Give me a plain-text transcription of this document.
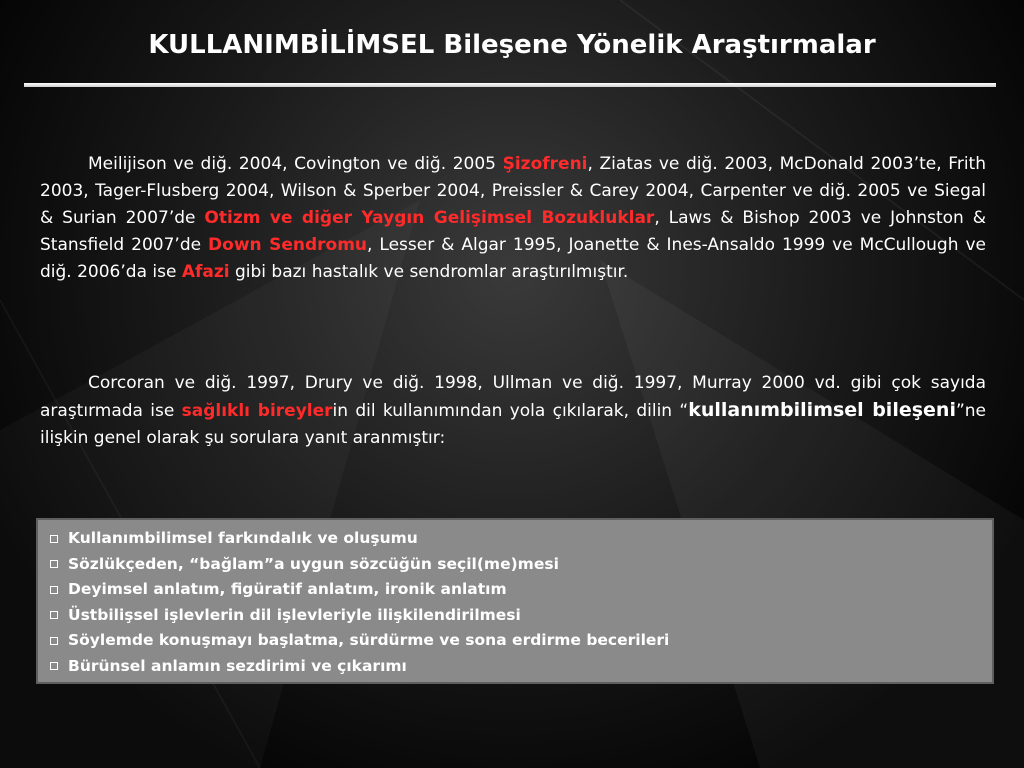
KULLANIMBİLİMSEL Bileşene Yönelik Araştırmalar

Meilijison ve diğ. 2004, Covington ve diğ. 2005 Şizofreni, Ziatas ve diğ. 2003, McDonald 2003’te, Frith 2003, Tager-Flusberg 2004, Wilson & Sperber 2004, Preissler & Carey 2004, Carpenter ve diğ. 2005 ve Siegal & Surian 2007’de Otizm ve diğer Yaygın Gelişimsel Bozukluklar, Laws & Bishop 2003 ve Johnston & Stansfield 2007’de Down Sendromu, Lesser & Algar 1995, Joanette & Ines-Ansaldo 1999 ve McCullough ve diğ. 2006’da ise Afazi gibi bazı hastalık ve sendromlar araştırılmıştır.

Corcoran ve diğ. 1997, Drury ve diğ. 1998, Ullman ve diğ. 1997, Murray 2000 vd. gibi çok sayıda araştırmada ise sağlıklı bireylerin dil kullanımından yola çıkılarak, dilin “kullanımbilimsel bileşeni”ne ilişkin genel olarak şu sorulara yanıt aranmıştır:

Kullanımbilimsel farkındalık ve oluşumu
Sözlükçeden, “bağlam”a uygun sözcüğün seçil(me)mesi
Deyimsel anlatım, figüratif anlatım, ironik anlatım
Üstbilişsel işlevlerin dil işlevleriyle ilişkilendirilmesi
Söylemde konuşmayı başlatma, sürdürme ve sona erdirme becerileri
Bürünsel anlamın sezdirimi ve çıkarımı
